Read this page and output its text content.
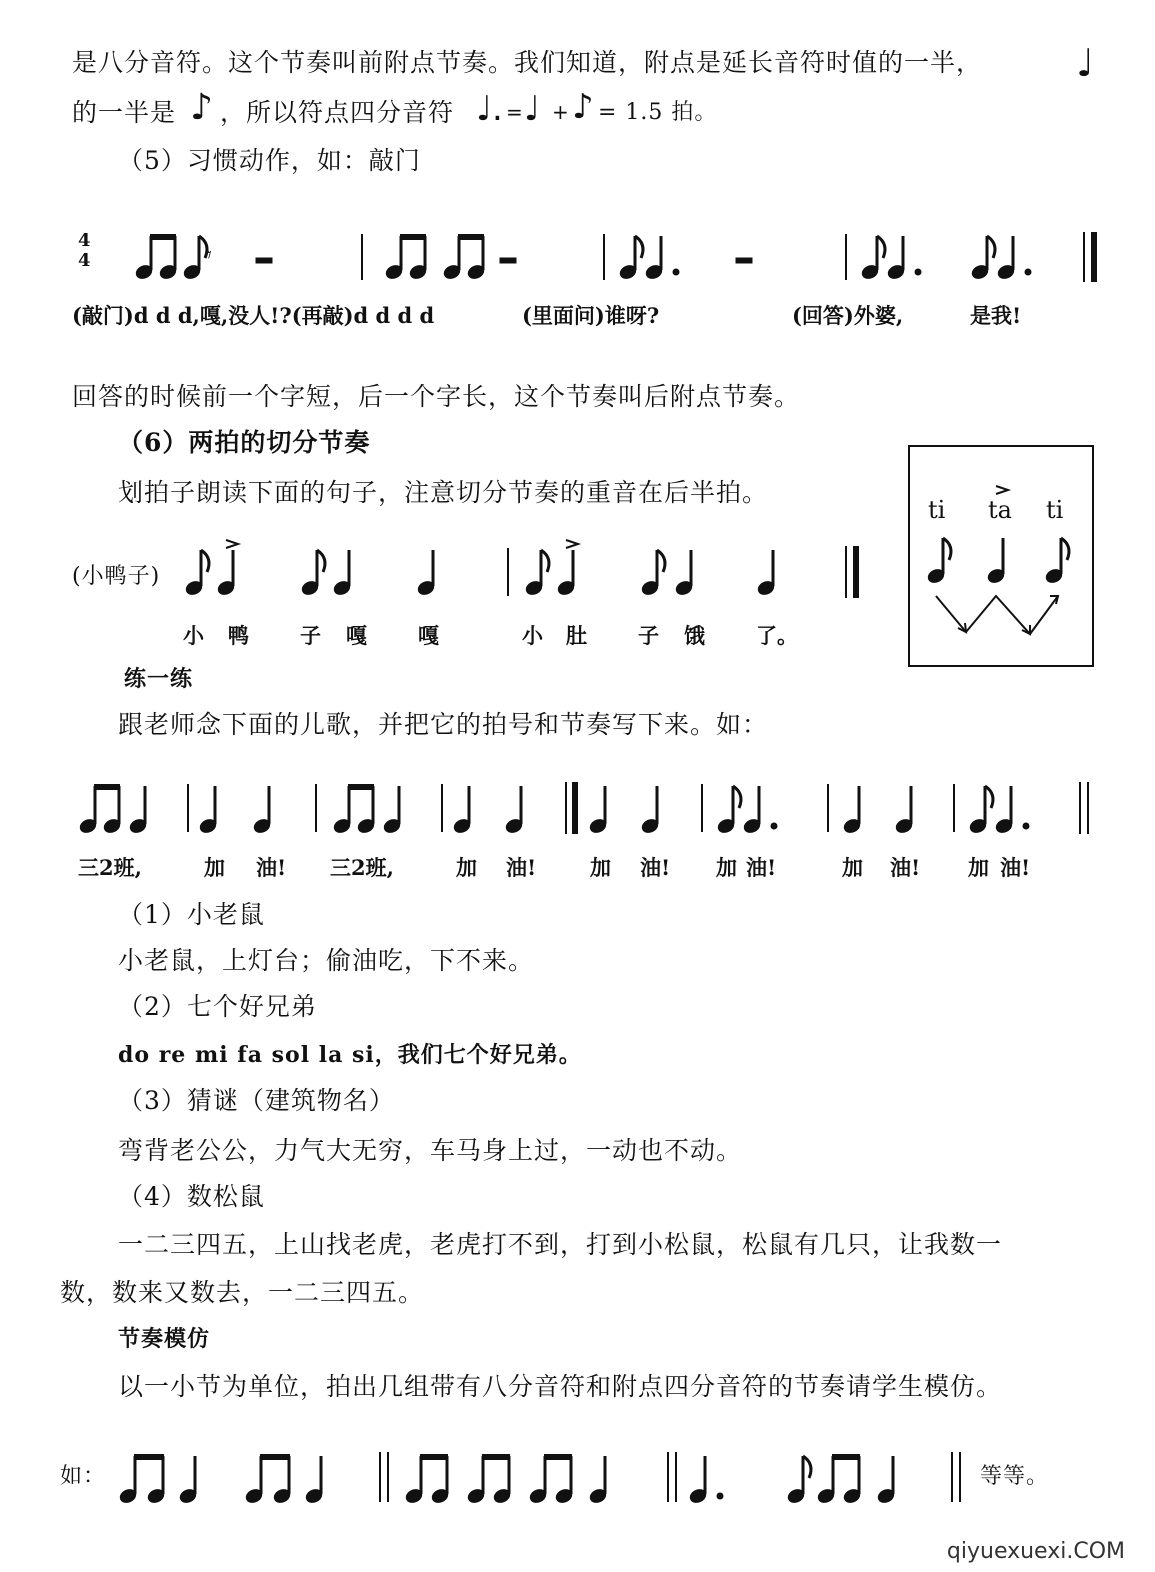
是八分音符。这个节奏叫前附点节奏。我们知道，附点是延长音符时值的一半， ♩
的一半是 ♪ ，所以符点四分音符 ♩. = ♩ + ♪ = 1.5 拍。
（5）习惯动作，如：敲门
4
4
(敲门)d d d,嘎,没人!?(再敲)d d d d	(里面问)谁呀?	(回答)外婆,	是我!
回答的时候前一个字短，后一个字长，这个节奏叫后附点节奏。
（6）两拍的切分节奏
划拍子朗读下面的句子，注意切分节奏的重音在后半拍。
(小鸭子)
小 鸭 子 嘎 嘎	小 肚 子 饿 了。
ti ta ti
练一练
跟老师念下面的儿歌，并把它的拍号和节奏写下来。如：
三2班,	加 油! 三2班,	加 油!	加 油! 加 油!	加 油! 加 油!
（1）小老鼠
小老鼠，上灯台；偷油吃，下不来。
（2）七个好兄弟
do re mi fa sol la si，我们七个好兄弟。
（3）猜谜（建筑物名）
弯背老公公，力气大无穷，车马身上过，一动也不动。
（4）数松鼠
一二三四五，上山找老虎，老虎打不到，打到小松鼠，松鼠有几只，让我数一
数，数来又数去，一二三四五。
节奏模仿
以一小节为单位，拍出几组带有八分音符和附点四分音符的节奏请学生模仿。
如：	等等。
qiyuexuexi.COM
𝄾
